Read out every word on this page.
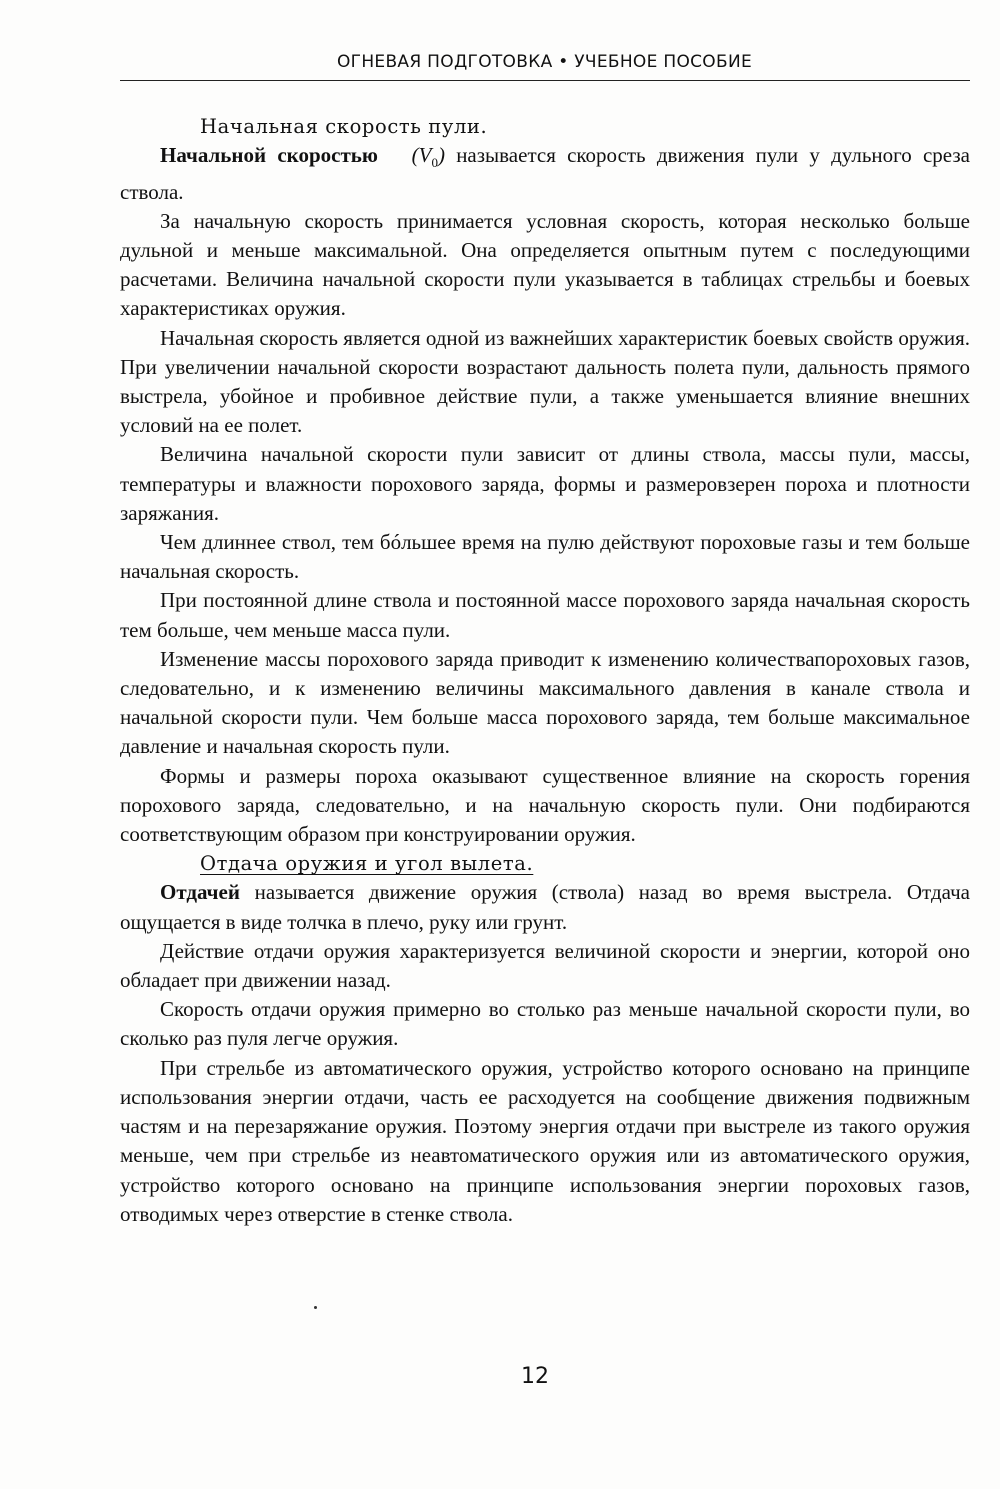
ОГНЕВАЯ ПОДГОТОВКА • УЧЕБНОЕ ПОСОБИЕ

Начальная скорость пули.

Начальной скоростью $(V_0)$ называется скорость движения пули у дульного среза ствола.

За начальную скорость принимается условная скорость, которая несколько больше дульной и меньше максимальной. Она определяется опытным путем с последующими расчетами. Величина начальной скорости пули указывается в таблицах стрельбы и боевых характеристиках оружия.

Начальная скорость является одной из важнейших характеристик боевых свойств оружия. При увеличении начальной скорости возрастают дальность полета пули, дальность прямого выстрела, убойное и пробивное действие пули, а также уменьшается влияние внешних условий на ее полет.

Величина начальной скорости пули зависит от длины ствола, массы пули, массы, температуры и влажности порохового заряда, формы и размеровзерен пороха и плотности заряжания.

Чем длиннее ствол, тем бóльшее время на пулю действуют пороховые газы и тем больше начальная скорость.

При постоянной длине ствола и постоянной массе порохового заряда начальная скорость тем больше, чем меньше масса пули.

Изменение массы порохового заряда приводит к изменению количествапороховых газов, следовательно, и к изменению величины максимального давления в канале ствола и начальной скорости пули. Чем больше масса порохового заряда, тем больше максимальное давление и начальная скорость пули.

Формы и размеры пороха оказывают существенное влияние на скорость горения порохового заряда, следовательно, и на начальную скорость пули. Они подбираются соответствующим образом при конструировании оружия.

Отдача оружия и угол вылета.

Отдачей называется движение оружия (ствола) назад во время выстрела. Отдача ощущается в виде толчка в плечо, руку или грунт.

Действие отдачи оружия характеризуется величиной скорости и энергии, которой оно обладает при движении назад.

Скорость отдачи оружия примерно во столько раз меньше начальной скорости пули, во сколько раз пуля легче оружия.

При стрельбе из автоматического оружия, устройство которого основано на принципе использования энергии отдачи, часть ее расходуется на сообщение движения подвижным частям и на перезаряжание оружия. Поэтому энергия отдачи при выстреле из такого оружия меньше, чем при стрельбе из неавтоматического оружия или из автоматического оружия, устройство которого основано на принципе использования энергии пороховых газов, отводимых через отверстие в стенке ствола.

12
